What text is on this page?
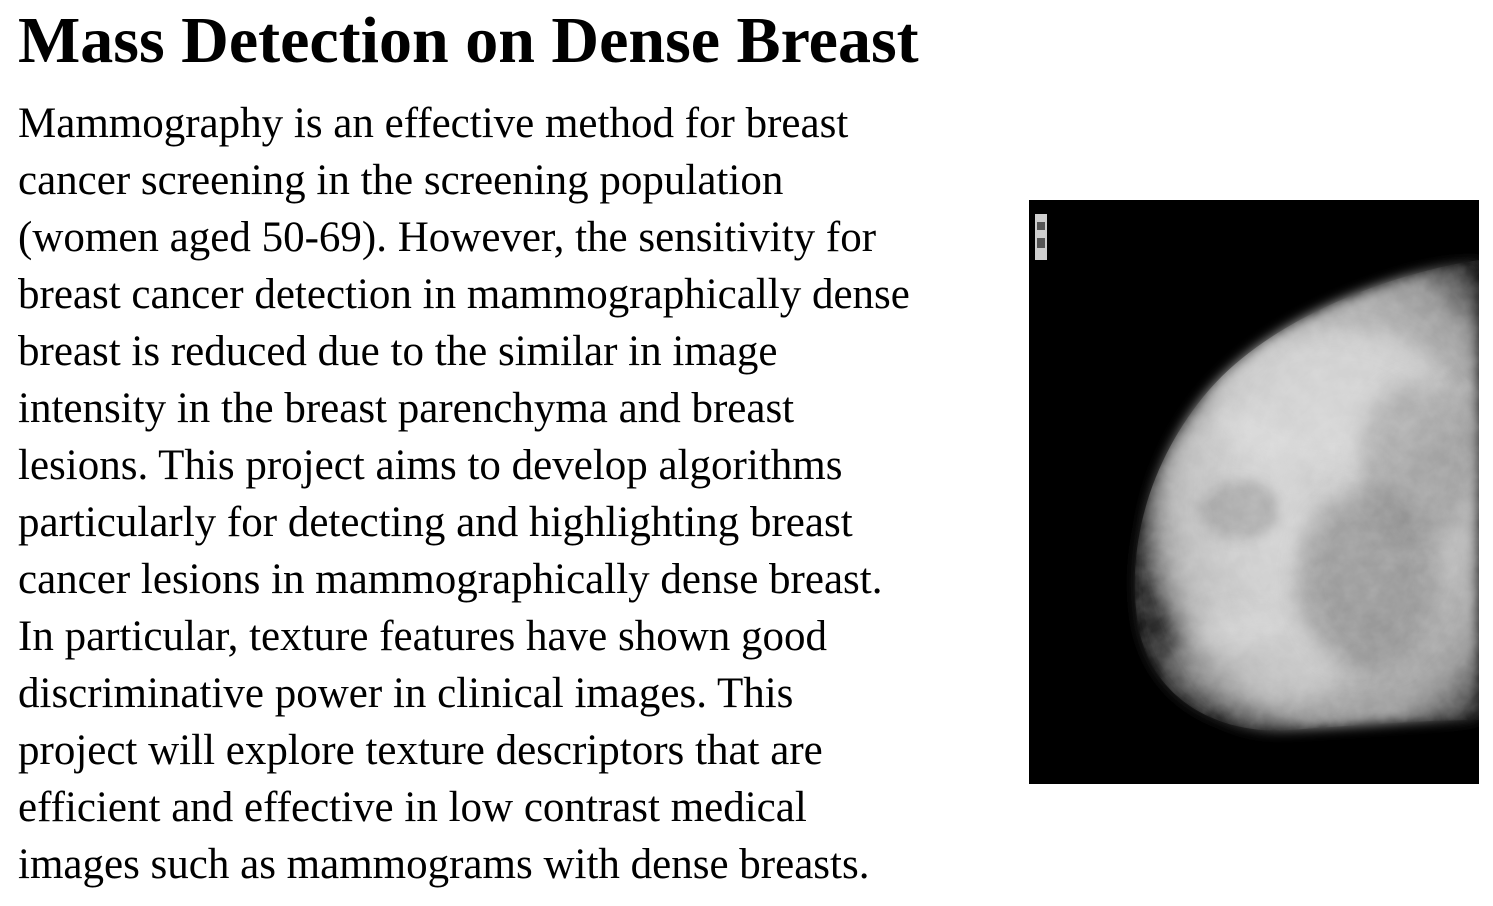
Mass Detection on Dense Breast

Mammography is an effective method for breast
cancer screening in the screening population
(women aged 50-69). However, the sensitivity for
breast cancer detection in mammographically dense
breast is reduced due to the similar in image
intensity in the breast parenchyma and breast
lesions. This project aims to develop algorithms
particularly for detecting and highlighting breast
cancer lesions in mammographically dense breast.
In particular, texture features have shown good
discriminative power in clinical images. This
project will explore texture descriptors that are
efficient and effective in low contrast medical
images such as mammograms with dense breasts.
